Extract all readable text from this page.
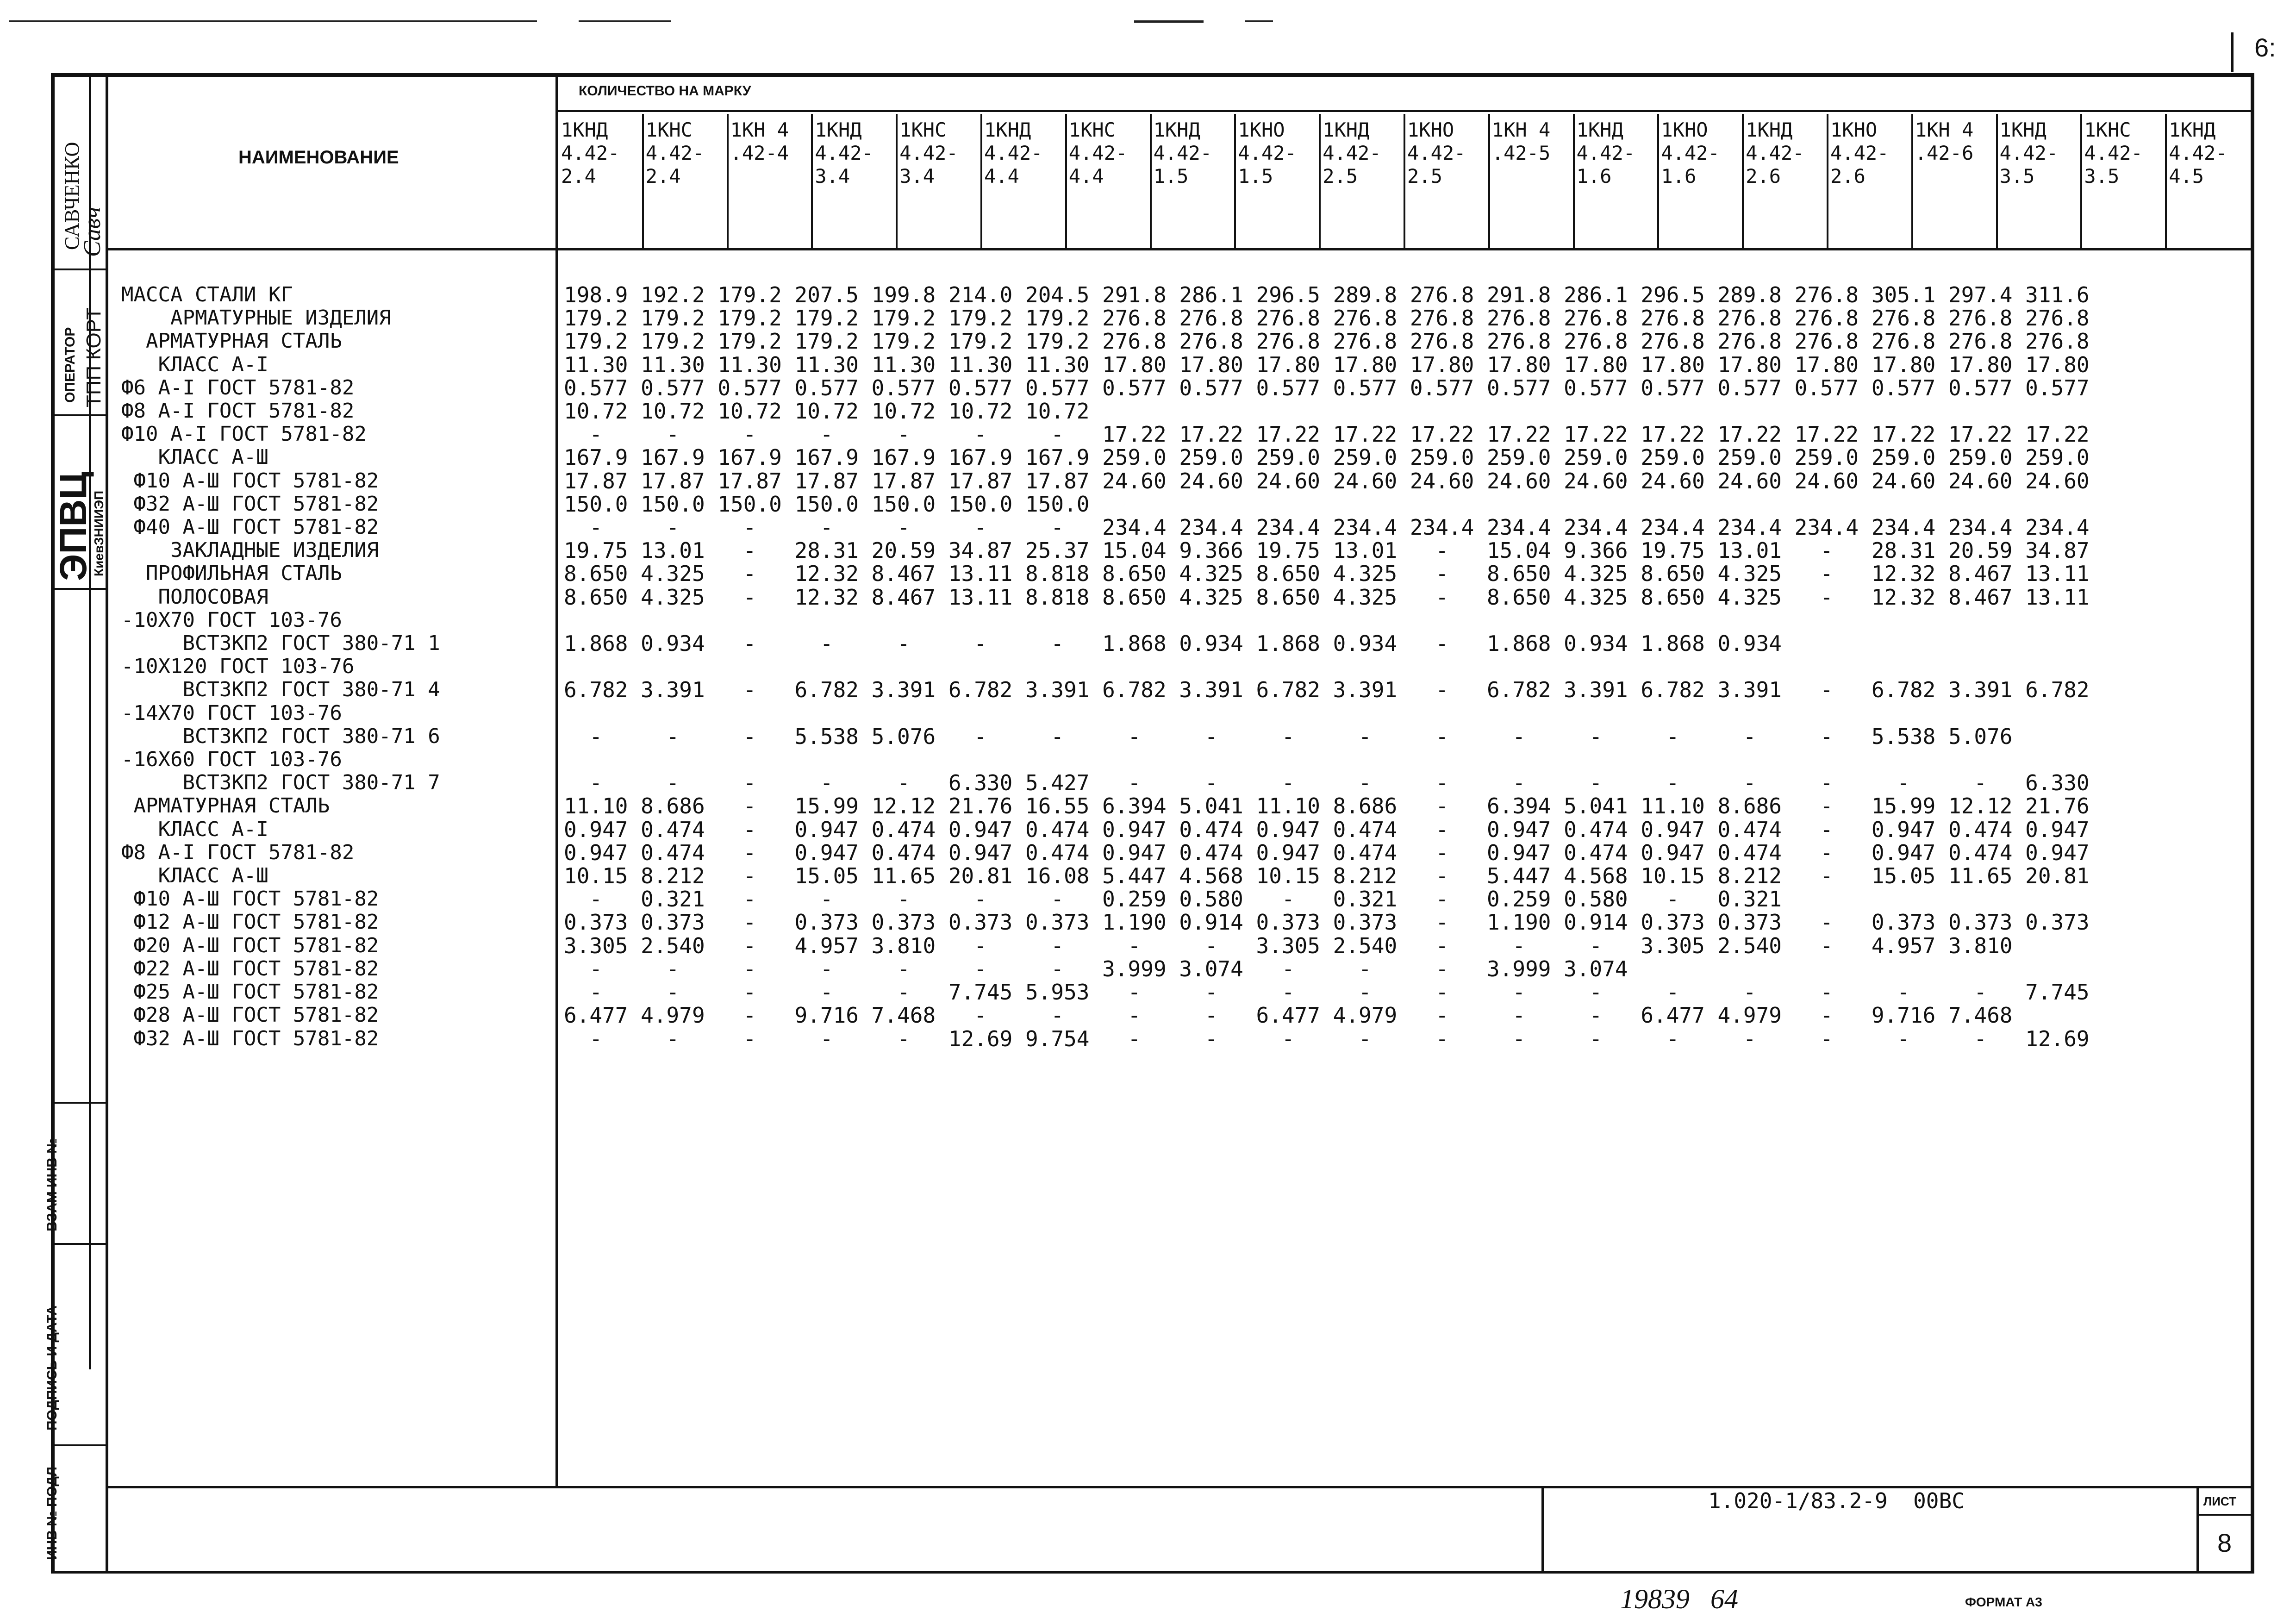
6:
САВЧЕНКО
Савч
ОПЕРАТОР ТПП КОРТ
ЭПВЦ
КиевЗНИИЭП
ВЗАМ ИНВ №
ПОДПИСЬ И ДАТА
ИНВ № ПОДЛ
КОЛИЧЕСТВО НА МАРКУ
НАИМЕНОВАНИЕ
1КНД
4.42-
2.4
1КНС
4.42-
2.4
1КН 4
.42-4
1КНД
4.42-
3.4
1КНС
4.42-
3.4
1КНД
4.42-
4.4
1КНС
4.42-
4.4
1КНД
4.42-
1.5
1КНО
4.42-
1.5
1КНД
4.42-
2.5
1КНО
4.42-
2.5
1КН 4
.42-5
1КНД
4.42-
1.6
1КНО
4.42-
1.6
1КНД
4.42-
2.6
1КНО
4.42-
2.6
1КН 4
.42-6
1КНД
4.42-
3.5
1КНС
4.42-
3.5
1КНД
4.42-
4.5
МАССА СТАЛИ КГ
АРМАТУРНЫЕ ИЗДЕЛИЯ
АРМАТУРНАЯ СТАЛЬ
КЛАСС А-I
Ф6 А-I ГОСТ 5781-82
Ф8 А-I ГОСТ 5781-82
Ф10 А-I ГОСТ 5781-82
КЛАСС А-Ш
Ф10 А-Ш ГОСТ 5781-82
Ф32 А-Ш ГОСТ 5781-82
Ф40 А-Ш ГОСТ 5781-82
ЗАКЛАДНЫЕ ИЗДЕЛИЯ
ПРОФИЛЬНАЯ СТАЛЬ
ПОЛОСОВАЯ
-10Х70 ГОСТ 103-76
ВСТ3КП2 ГОСТ 380-71 1
-10Х120 ГОСТ 103-76
ВСТ3КП2 ГОСТ 380-71 4
-14Х70 ГОСТ 103-76
ВСТ3КП2 ГОСТ 380-71 6
-16Х60 ГОСТ 103-76
ВСТ3КП2 ГОСТ 380-71 7
АРМАТУРНАЯ СТАЛЬ
КЛАСС А-I
Ф8 А-I ГОСТ 5781-82
КЛАСС А-Ш
Ф10 А-Ш ГОСТ 5781-82
Ф12 А-Ш ГОСТ 5781-82
Ф20 А-Ш ГОСТ 5781-82
Ф22 А-Ш ГОСТ 5781-82
Ф25 А-Ш ГОСТ 5781-82
Ф28 А-Ш ГОСТ 5781-82
Ф32 А-Ш ГОСТ 5781-82
198.9 192.2 179.2 207.5 199.8 214.0 204.5 291.8 286.1 296.5 289.8 276.8 291.8 286.1 296.5 289.8 276.8 305.1 297.4 311.6
179.2 179.2 179.2 179.2 179.2 179.2 179.2 276.8 276.8 276.8 276.8 276.8 276.8 276.8 276.8 276.8 276.8 276.8 276.8 276.8
179.2 179.2 179.2 179.2 179.2 179.2 179.2 276.8 276.8 276.8 276.8 276.8 276.8 276.8 276.8 276.8 276.8 276.8 276.8 276.8
11.30 11.30 11.30 11.30 11.30 11.30 11.30 17.80 17.80 17.80 17.80 17.80 17.80 17.80 17.80 17.80 17.80 17.80 17.80 17.80
0.577 0.577 0.577 0.577 0.577 0.577 0.577 0.577 0.577 0.577 0.577 0.577 0.577 0.577 0.577 0.577 0.577 0.577 0.577 0.577
10.72 10.72 10.72 10.72 10.72 10.72 10.72
-     -     -     -     -     -     -   17.22 17.22 17.22 17.22 17.22 17.22 17.22 17.22 17.22 17.22 17.22 17.22 17.22
167.9 167.9 167.9 167.9 167.9 167.9 167.9 259.0 259.0 259.0 259.0 259.0 259.0 259.0 259.0 259.0 259.0 259.0 259.0 259.0
17.87 17.87 17.87 17.87 17.87 17.87 17.87 24.60 24.60 24.60 24.60 24.60 24.60 24.60 24.60 24.60 24.60 24.60 24.60 24.60
150.0 150.0 150.0 150.0 150.0 150.0 150.0
-     -     -     -     -     -     -   234.4 234.4 234.4 234.4 234.4 234.4 234.4 234.4 234.4 234.4 234.4 234.4 234.4
19.75 13.01   -   28.31 20.59 34.87 25.37 15.04 9.366 19.75 13.01   -   15.04 9.366 19.75 13.01   -   28.31 20.59 34.87
8.650 4.325   -   12.32 8.467 13.11 8.818 8.650 4.325 8.650 4.325   -   8.650 4.325 8.650 4.325   -   12.32 8.467 13.11
8.650 4.325   -   12.32 8.467 13.11 8.818 8.650 4.325 8.650 4.325   -   8.650 4.325 8.650 4.325   -   12.32 8.467 13.11

1.868 0.934   -     -     -     -     -   1.868 0.934 1.868 0.934   -   1.868 0.934 1.868 0.934

6.782 3.391   -   6.782 3.391 6.782 3.391 6.782 3.391 6.782 3.391   -   6.782 3.391 6.782 3.391   -   6.782 3.391 6.782

-     -     -   5.538 5.076   -     -     -     -     -     -     -     -     -     -     -     -   5.538 5.076

-     -     -     -     -   6.330 5.427   -     -     -     -     -     -     -     -     -     -     -     -   6.330
11.10 8.686   -   15.99 12.12 21.76 16.55 6.394 5.041 11.10 8.686   -   6.394 5.041 11.10 8.686   -   15.99 12.12 21.76
0.947 0.474   -   0.947 0.474 0.947 0.474 0.947 0.474 0.947 0.474   -   0.947 0.474 0.947 0.474   -   0.947 0.474 0.947
0.947 0.474   -   0.947 0.474 0.947 0.474 0.947 0.474 0.947 0.474   -   0.947 0.474 0.947 0.474   -   0.947 0.474 0.947
10.15 8.212   -   15.05 11.65 20.81 16.08 5.447 4.568 10.15 8.212   -   5.447 4.568 10.15 8.212   -   15.05 11.65 20.81
-   0.321   -     -     -     -     -   0.259 0.580   -   0.321   -   0.259 0.580   -   0.321
0.373 0.373   -   0.373 0.373 0.373 0.373 1.190 0.914 0.373 0.373   -   1.190 0.914 0.373 0.373   -   0.373 0.373 0.373
3.305 2.540   -   4.957 3.810   -     -     -     -   3.305 2.540   -     -     -   3.305 2.540   -   4.957 3.810
-     -     -     -     -     -     -   3.999 3.074   -     -     -   3.999 3.074
-     -     -     -     -   7.745 5.953   -     -     -     -     -     -     -     -     -     -     -     -   7.745
6.477 4.979   -   9.716 7.468   -     -     -     -   6.477 4.979   -     -     -   6.477 4.979   -   9.716 7.468
-     -     -     -     -   12.69 9.754   -     -     -     -     -     -     -     -     -     -     -     -   12.69
1.020-1/83.2-9  00ВС	ЛИСТ
8
19839   64	ФОРМАТ А3
